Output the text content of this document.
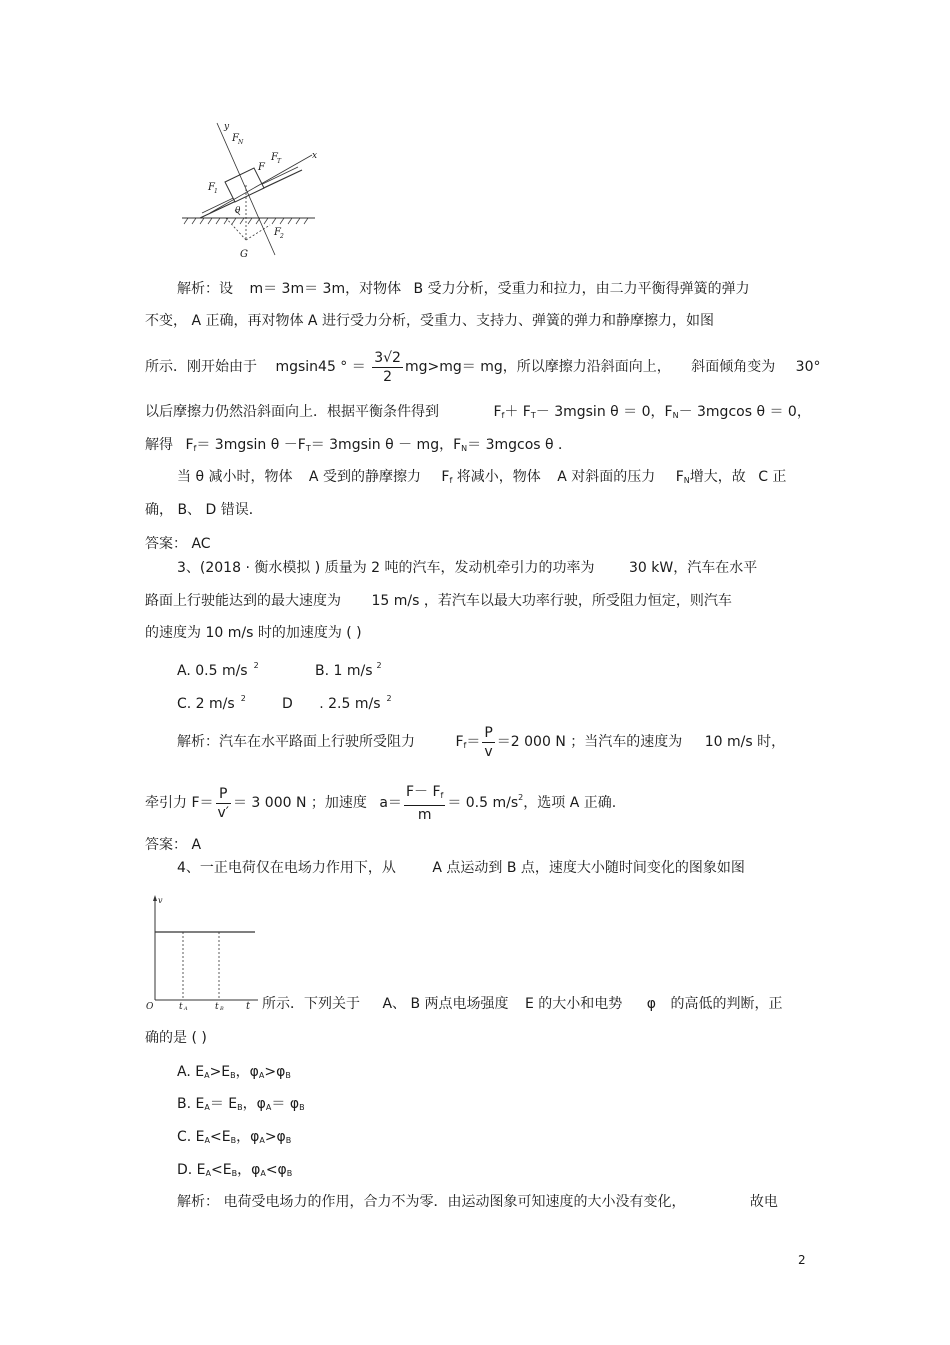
y
F N
F T
x
F
F 1
θ
F 2
G
解析：设 m＝ 3m＝ 3m，对物体 B 受力分析，受重力和拉力，由二力平衡得弹簧的弹力
不变， A 正确，再对物体 A 进行受力分析，受重力、支持力、弹簧的弹力和静摩擦力，如图
所示．刚开始由于 mgsin45 ° ＝ $\frac{3√2}{2} mg>mg=$ mg，所以摩擦力沿斜面向上， 斜面倾角变为 30°
以后摩擦力仍然沿斜面向上．根据平衡条件得到	$F_f+ F_T- 3mgsin$ θ ＝ 0，$F_N- 3mgcos$ θ ＝ 0，
解得 $F_f= 3mgsin$ $\theta -F_T= 3mgsin$ θ － mg，$F_N= 3mgcos$ θ ．
当 θ 减小时，物体 A 受到的静摩擦力 $F_f$ 将减小，物体 A 对斜面的压力 $F_N$增大，故 C 正
确， B、 D 错误．
答案： AC
3、(2018 · 衡水模拟 ) 质量为 2 吨的汽车，发动机牵引力的功率为 30 kW，汽车在水平
路面上行驶能达到的最大速度为 15 m/s ，若汽车以最大功率行驶，所受阻力恒定，则汽车
的速度为 10 m/s 时的加速度为 ( )
A. 0.5 m/s $^2$	B. 1 m/s $^2$
C. 2 m/s $^2$	D . 2.5 m/s $^2$
解析：汽车在水平路面上行驶所受阻力	$F_f= \frac{P}{v} =2$ 000 N ；当汽车的速度为 10 m/s 时，
牵引力 $F= \frac{P}{v'} = 3$ 000 N ；加速度 $a= \frac{F- F_f}{m} = 0.5$ $m/s^2$，选项 A 正确.
答案： A
4、一正电荷仅在电场力作用下，从	A 点运动到 B 点，速度大小随时间变化的图象如图
v
O	t A	t B t 所示．下列关于 A、 B 两点电场强度 E 的大小和电势 φ 的高低的判断，正
确的是 ( )
A. $E_A>E_B$，$\varphi_A>\varphi_B$
B. $E_A= E_B$，$\varphi_A= \varphi_B$
C. $E_A<E_B$，$\varphi_A>\varphi_B$
D. $E_A<E_B$，$\varphi_A<\varphi_B$
解析： 电荷受电场力的作用，合力不为零．由运动图象可知速度的大小没有变化，	故电
2
